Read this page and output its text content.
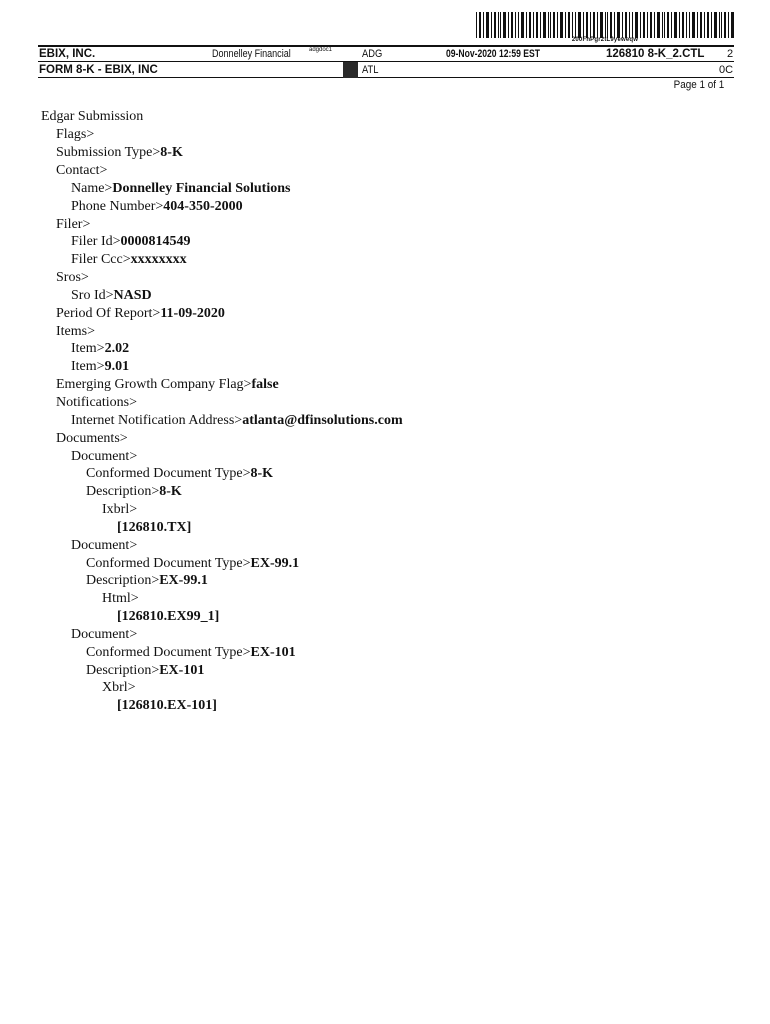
200FnPgr2tL9yeweqw
EBIX, INC.
FORM 8-K - EBIX, INC
Donnelley Financial	adgdoc1	ADG
ATL
09-Nov-2020 12:59 EST	126810 8-K_2.CTL 2
0C
Page 1 of 1
Edgar Submission
Flags>
Submission Type>8-K
Contact>
Name>Donnelley Financial Solutions
Phone Number>404-350-2000
Filer>
Filer Id>0000814549
Filer Ccc>xxxxxxxx
Sros>
Sro Id>NASD
Period Of Report>11-09-2020
Items>
Item>2.02
Item>9.01
Emerging Growth Company Flag>false
Notifications>
Internet Notification Address>atlanta@dfinsolutions.com
Documents>
Document>
Conformed Document Type>8-K
Description>8-K
Ixbrl>
[126810.TX]
Document>
Conformed Document Type>EX-99.1
Description>EX-99.1
Html>
[126810.EX99_1]
Document>
Conformed Document Type>EX-101
Description>EX-101
Xbrl>
[126810.EX-101]
